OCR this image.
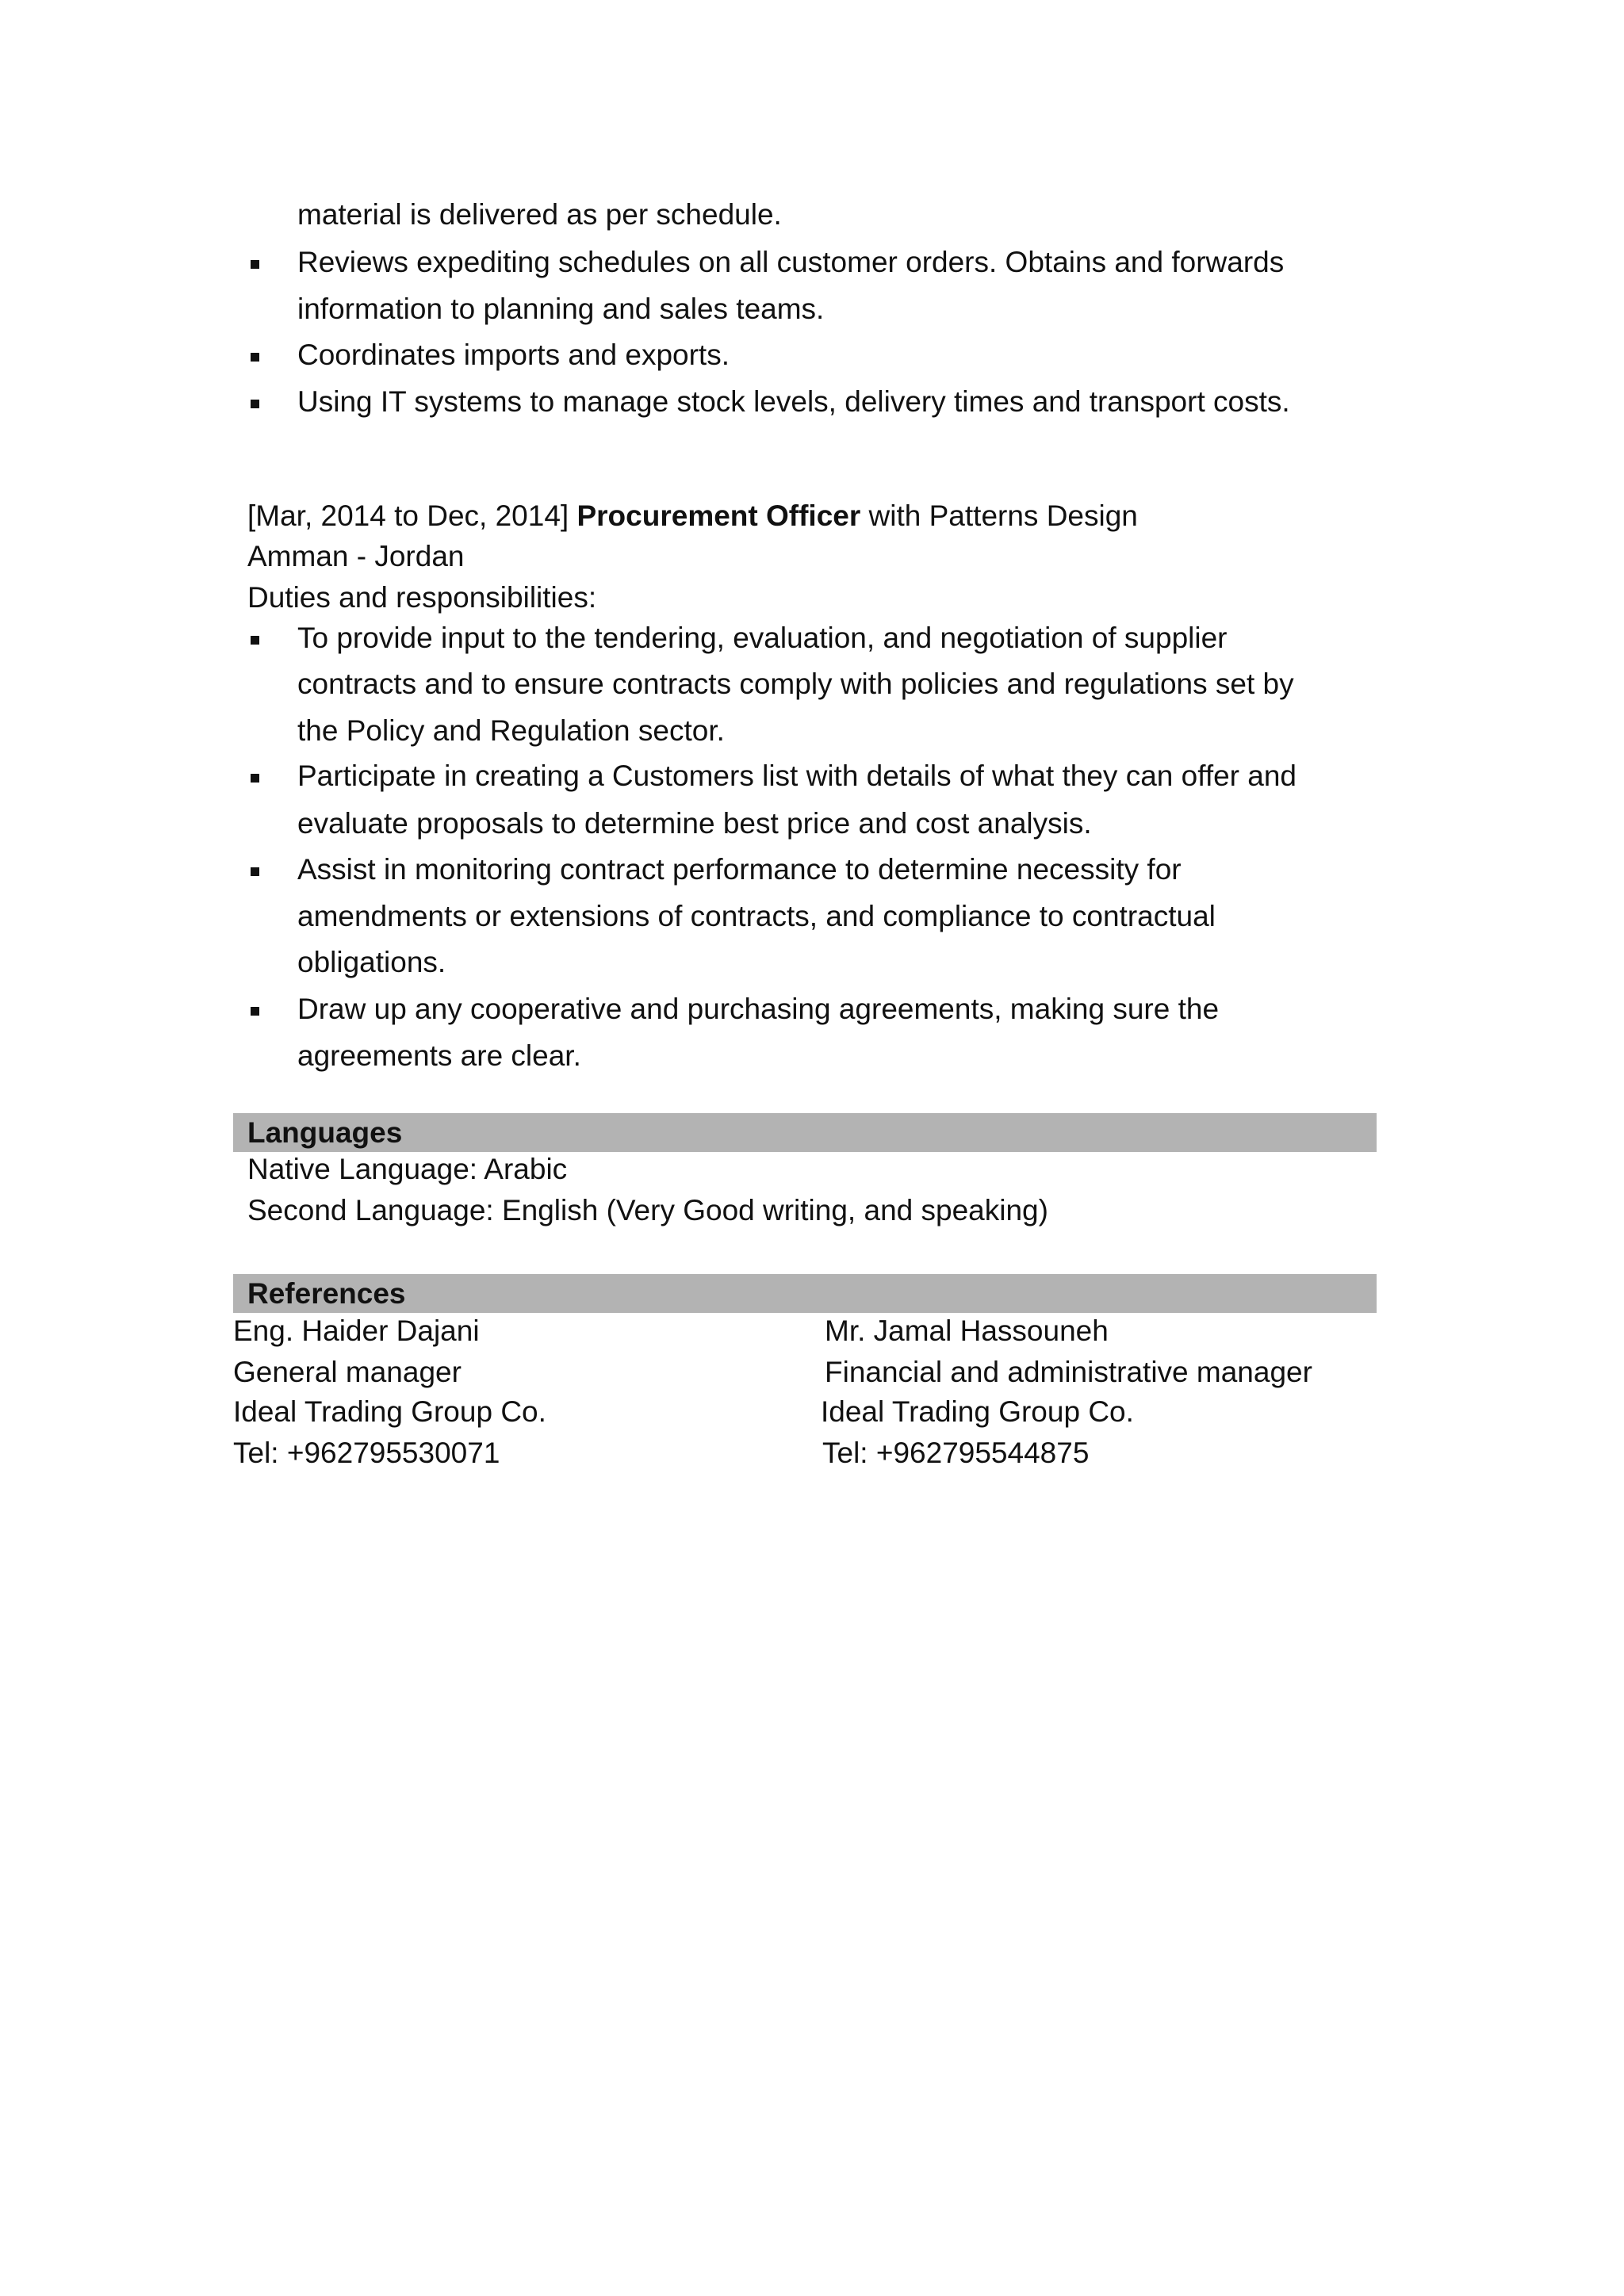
material is delivered as per schedule.
Reviews expediting schedules on all customer orders. Obtains and forwards
information to planning and sales teams.
Coordinates imports and exports.
Using IT systems to manage stock levels, delivery times and transport costs.
[Mar, 2014 to Dec, 2014] Procurement Officer with Patterns Design
Amman - Jordan
Duties and responsibilities:
To provide input to the tendering, evaluation, and negotiation of supplier
contracts and to ensure contracts comply with policies and regulations set by
the Policy and Regulation sector.
Participate in creating a Customers list with details of what they can offer and
evaluate proposals to determine best price and cost analysis.
Assist in monitoring contract performance to determine necessity for
amendments or extensions of contracts, and compliance to contractual
obligations.
Draw up any cooperative and purchasing agreements, making sure the
agreements are clear.
Languages
Native Language: Arabic
Second Language: English (Very Good writing, and speaking)
References
Eng. Haider Dajani
General manager
Ideal Trading Group Co.
Tel: +962795530071
Mr. Jamal Hassouneh
Financial and administrative manager
Ideal Trading Group Co.
Tel: +962795544875
